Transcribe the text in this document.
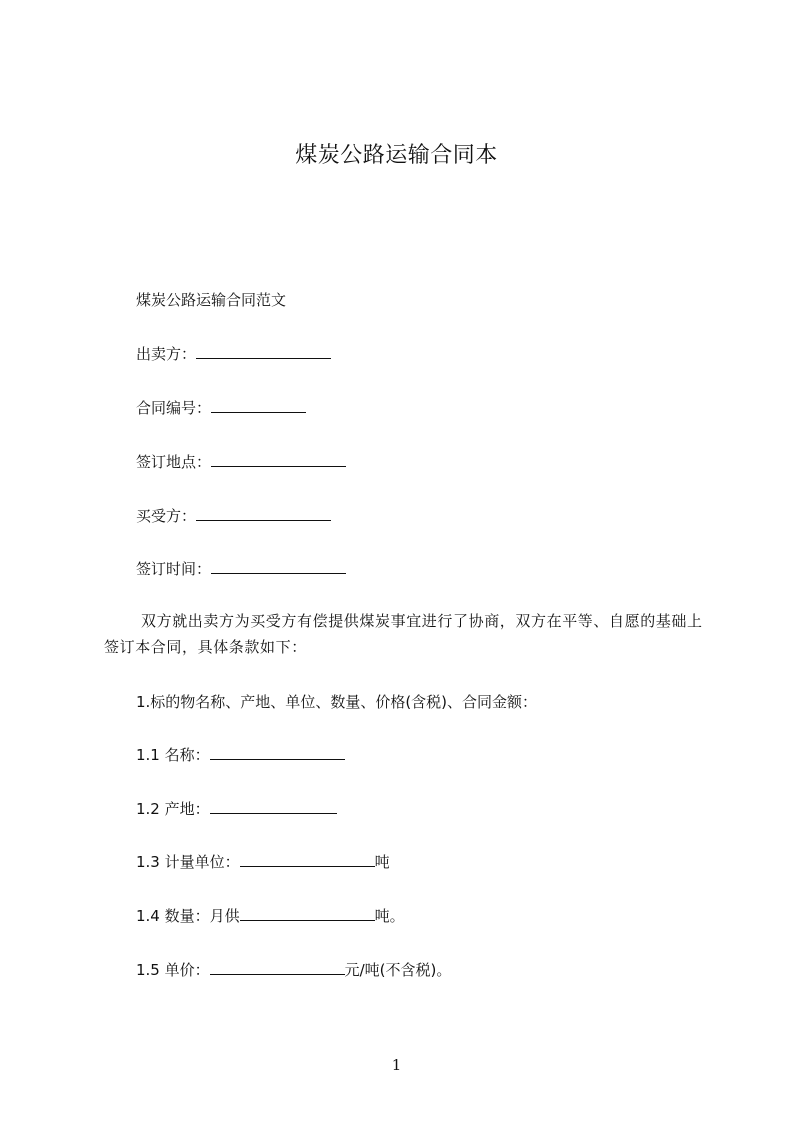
煤炭公路运输合同本
煤炭公路运输合同范文
出卖方：
合同编号：
签订地点：
买受方：
签订时间：

双方就出卖方为买受方有偿提供煤炭事宜进行了协商，双方在平等、自愿的基础上签订本合同，具体条款如下：

1.标的物名称、产地、单位、数量、价格(含税)、合同金额：
1.1 名称：
1.2 产地：
1.3 计量单位：	吨
1.4 数量：月供	吨。
1.5 单价：	元/吨(不含税)。
1
